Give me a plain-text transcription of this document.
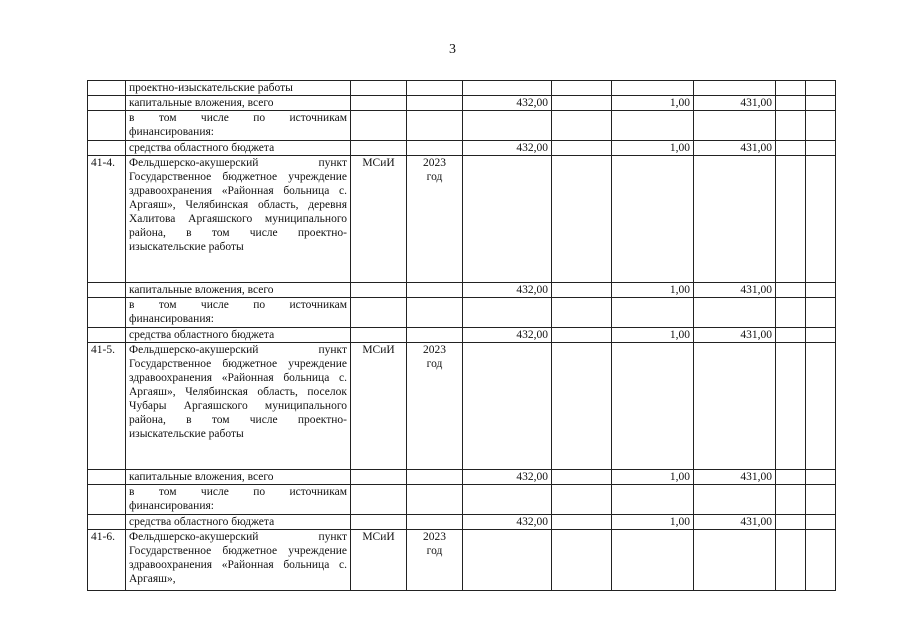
3
	проектно-изыскательские работы								
	капитальные вложения, всего			432,00		1,00	431,00		
	в том числе по источникам финансирования:								
	средства областного бюджета			432,00		1,00	431,00		
41-4.	Фельдшерско-акушерский пункт Государственное бюджетное учреждение здравоохранения «Районная больница с. Аргаяш», Челябинская область, деревня Халитова Аргаяшского муниципального района, в том числе проектно-изыскательские работы	МСиИ	2023 год						
	капитальные вложения, всего			432,00		1,00	431,00		
	в том числе по источникам финансирования:								
	средства областного бюджета			432,00		1,00	431,00		
41-5.	Фельдшерско-акушерский пункт Государственное бюджетное учреждение здравоохранения «Районная больница с. Аргаяш», Челябинская область, поселок Чубары Аргаяшского муниципального района, в том числе проектно-изыскательские работы	МСиИ	2023 год						
	капитальные вложения, всего			432,00		1,00	431,00		
	в том числе по источникам финансирования:								
	средства областного бюджета			432,00		1,00	431,00		
41-6.	Фельдшерско-акушерский пункт Государственное бюджетное учреждение здравоохранения «Районная больница с. Аргаяш»,	МСиИ	2023 год						
